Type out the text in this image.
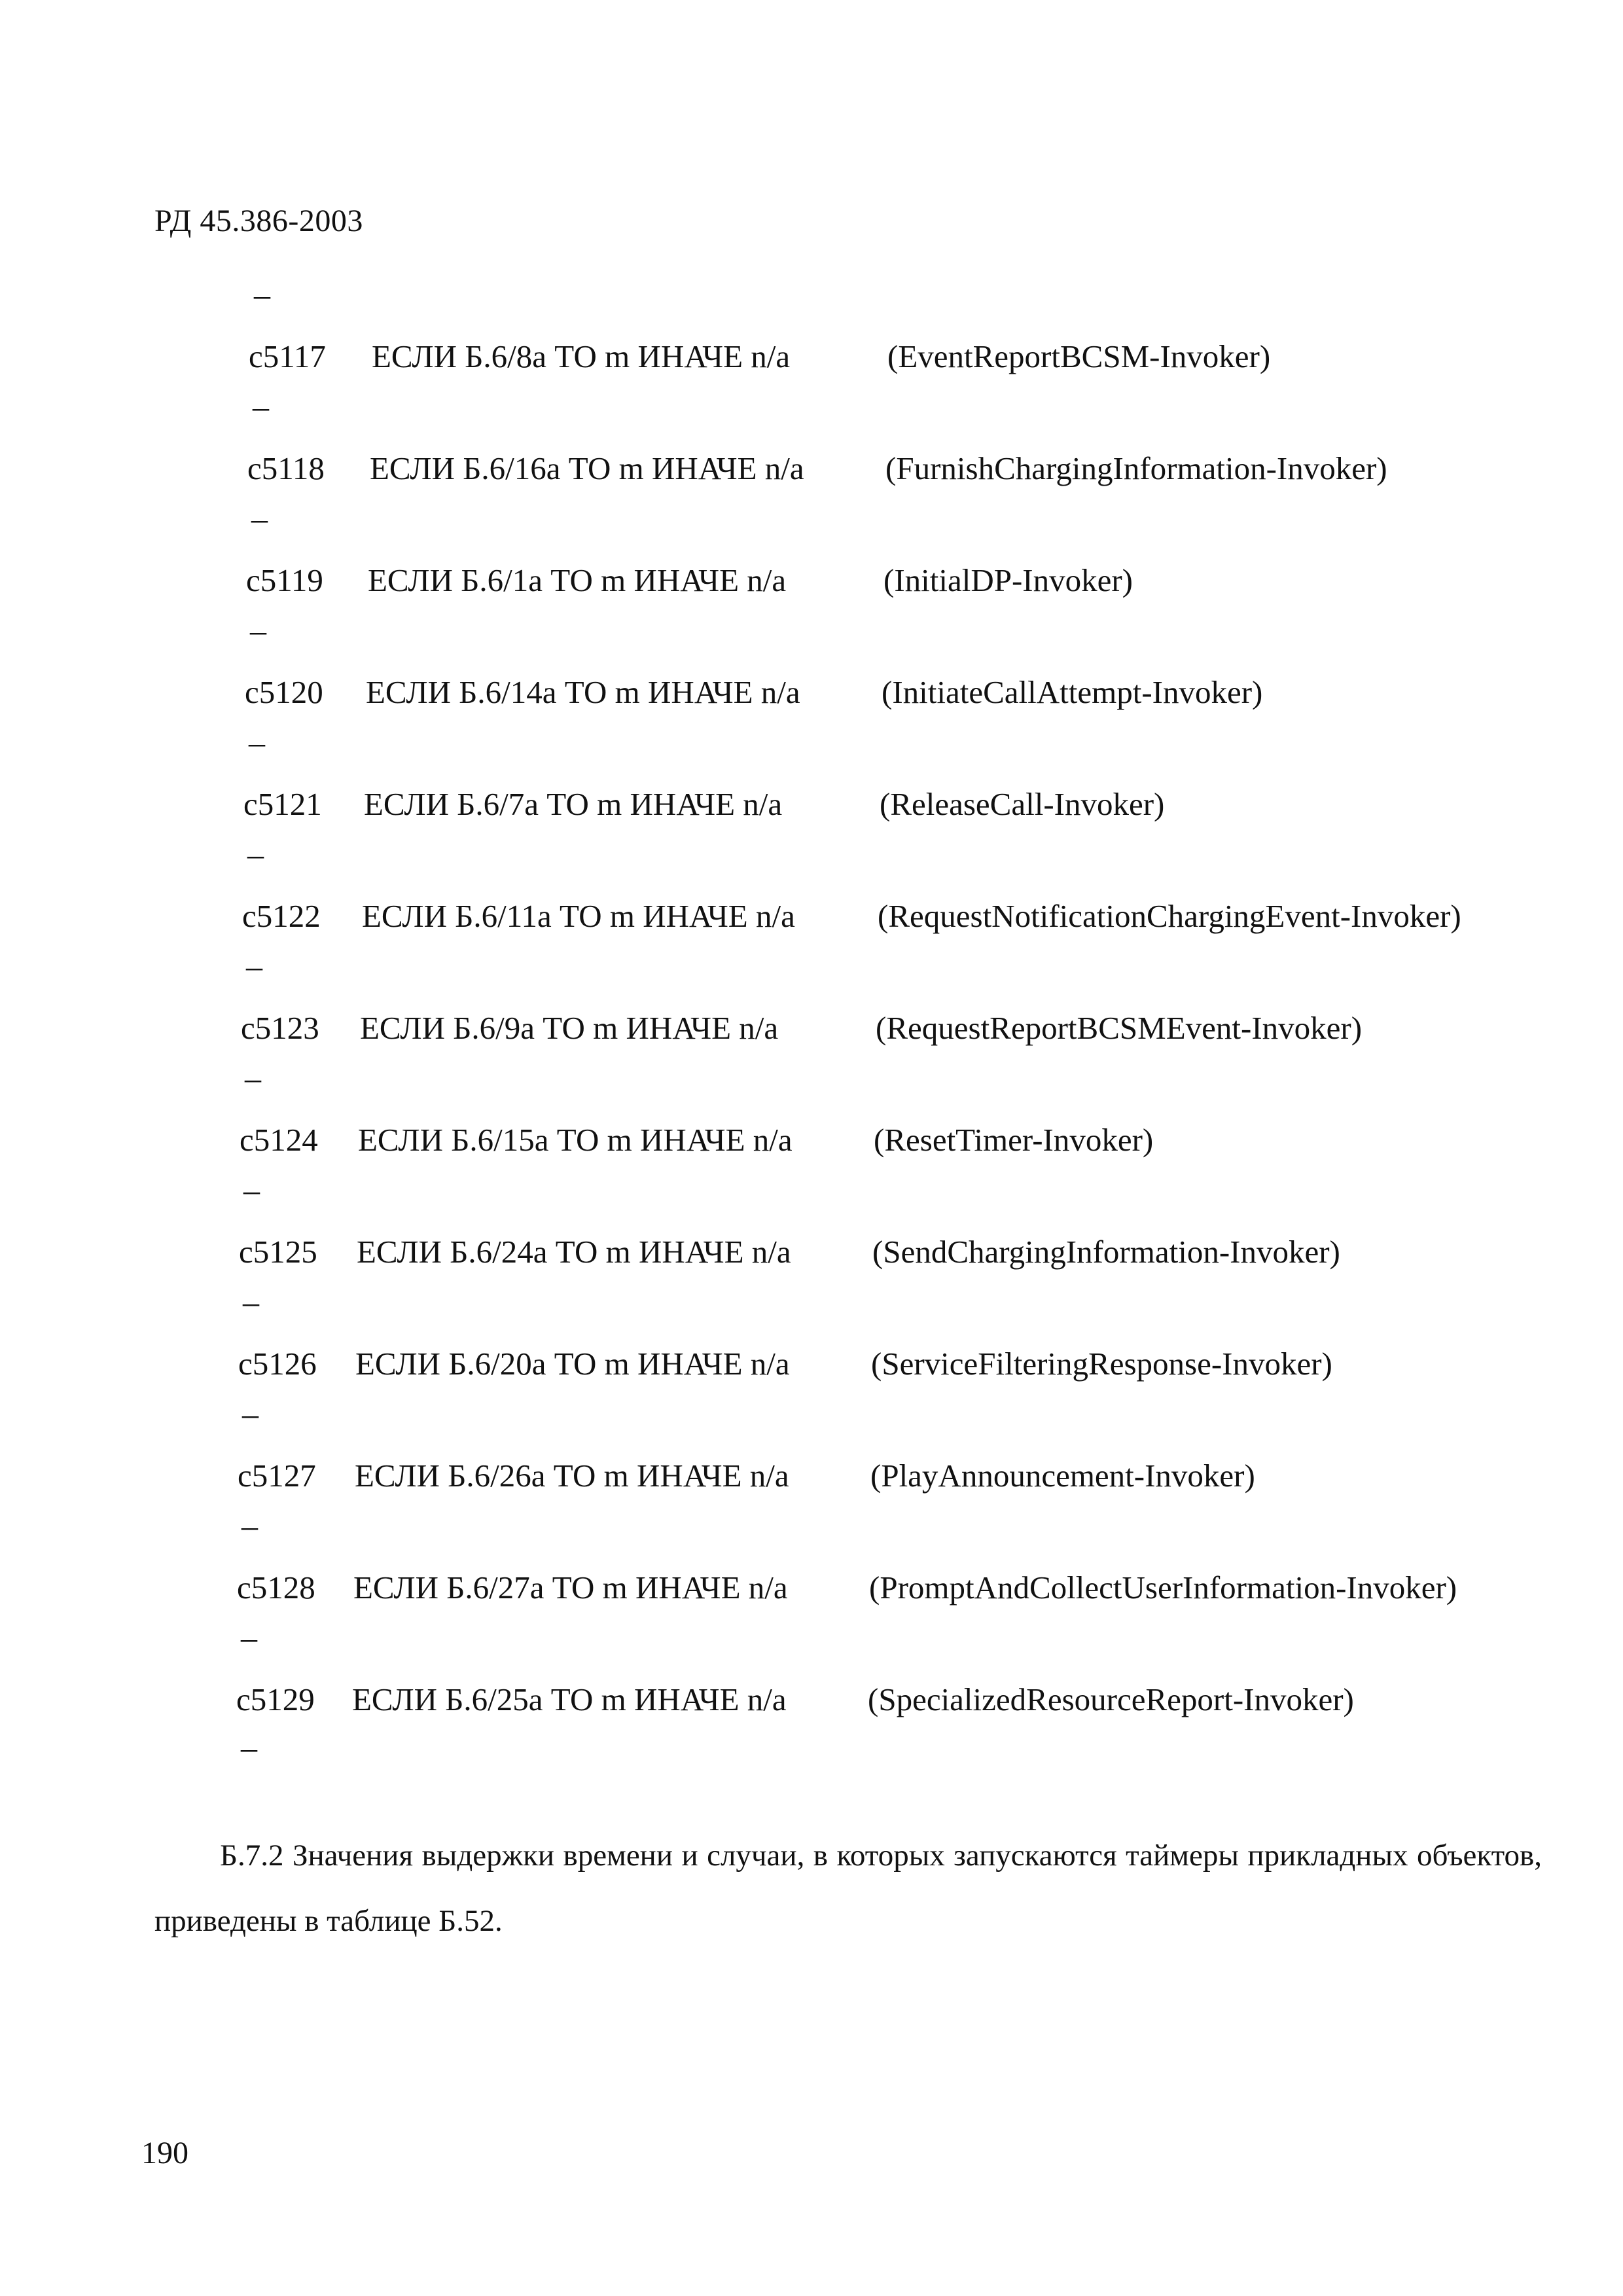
РД 45.386-2003
–
c5117 ЕСЛИ Б.6/8а ТО m ИНАЧЕ n/a	(EventReportBCSM-Invoker)
–
c5118 ЕСЛИ Б.6/16а ТО m ИНАЧЕ n/a	(FurnishChargingInformation-Invoker)
–
c5119 ЕСЛИ Б.6/1а ТО m ИНАЧЕ n/a	(InitialDP-Invoker)
–
c5120 ЕСЛИ Б.6/14а ТО m ИНАЧЕ n/a	(InitiateCallAttempt-Invoker)
–
c5121 ЕСЛИ Б.6/7а ТО m ИНАЧЕ n/a	(ReleaseCall-Invoker)
–
c5122 ЕСЛИ Б.6/11а ТО m ИНАЧЕ n/a	(RequestNotificationChargingEvent-Invoker)
–
c5123 ЕСЛИ Б.6/9а ТО m ИНАЧЕ n/a	(RequestReportBCSMEvent-Invoker)
–
c5124 ЕСЛИ Б.6/15а ТО m ИНАЧЕ n/a	(ResetTimer-Invoker)
–
c5125 ЕСЛИ Б.6/24а ТО m ИНАЧЕ n/a	(SendChargingInformation-Invoker)
–
c5126 ЕСЛИ Б.6/20а ТО m ИНАЧЕ n/a	(ServiceFilteringResponse-Invoker)
–
c5127 ЕСЛИ Б.6/26а ТО m ИНАЧЕ n/a	(PlayAnnouncement-Invoker)
–
c5128 ЕСЛИ Б.6/27а ТО m ИНАЧЕ n/a	(PromptAndCollectUserInformation-Invoker)
–
c5129 ЕСЛИ Б.6/25а ТО m ИНАЧЕ n/a	(SpecializedResourceReport-Invoker)
–

Б.7.2 Значения выдержки времени и случаи, в которых запускаются таймеры прикладных объектов, приведены в таблице Б.52.

190
